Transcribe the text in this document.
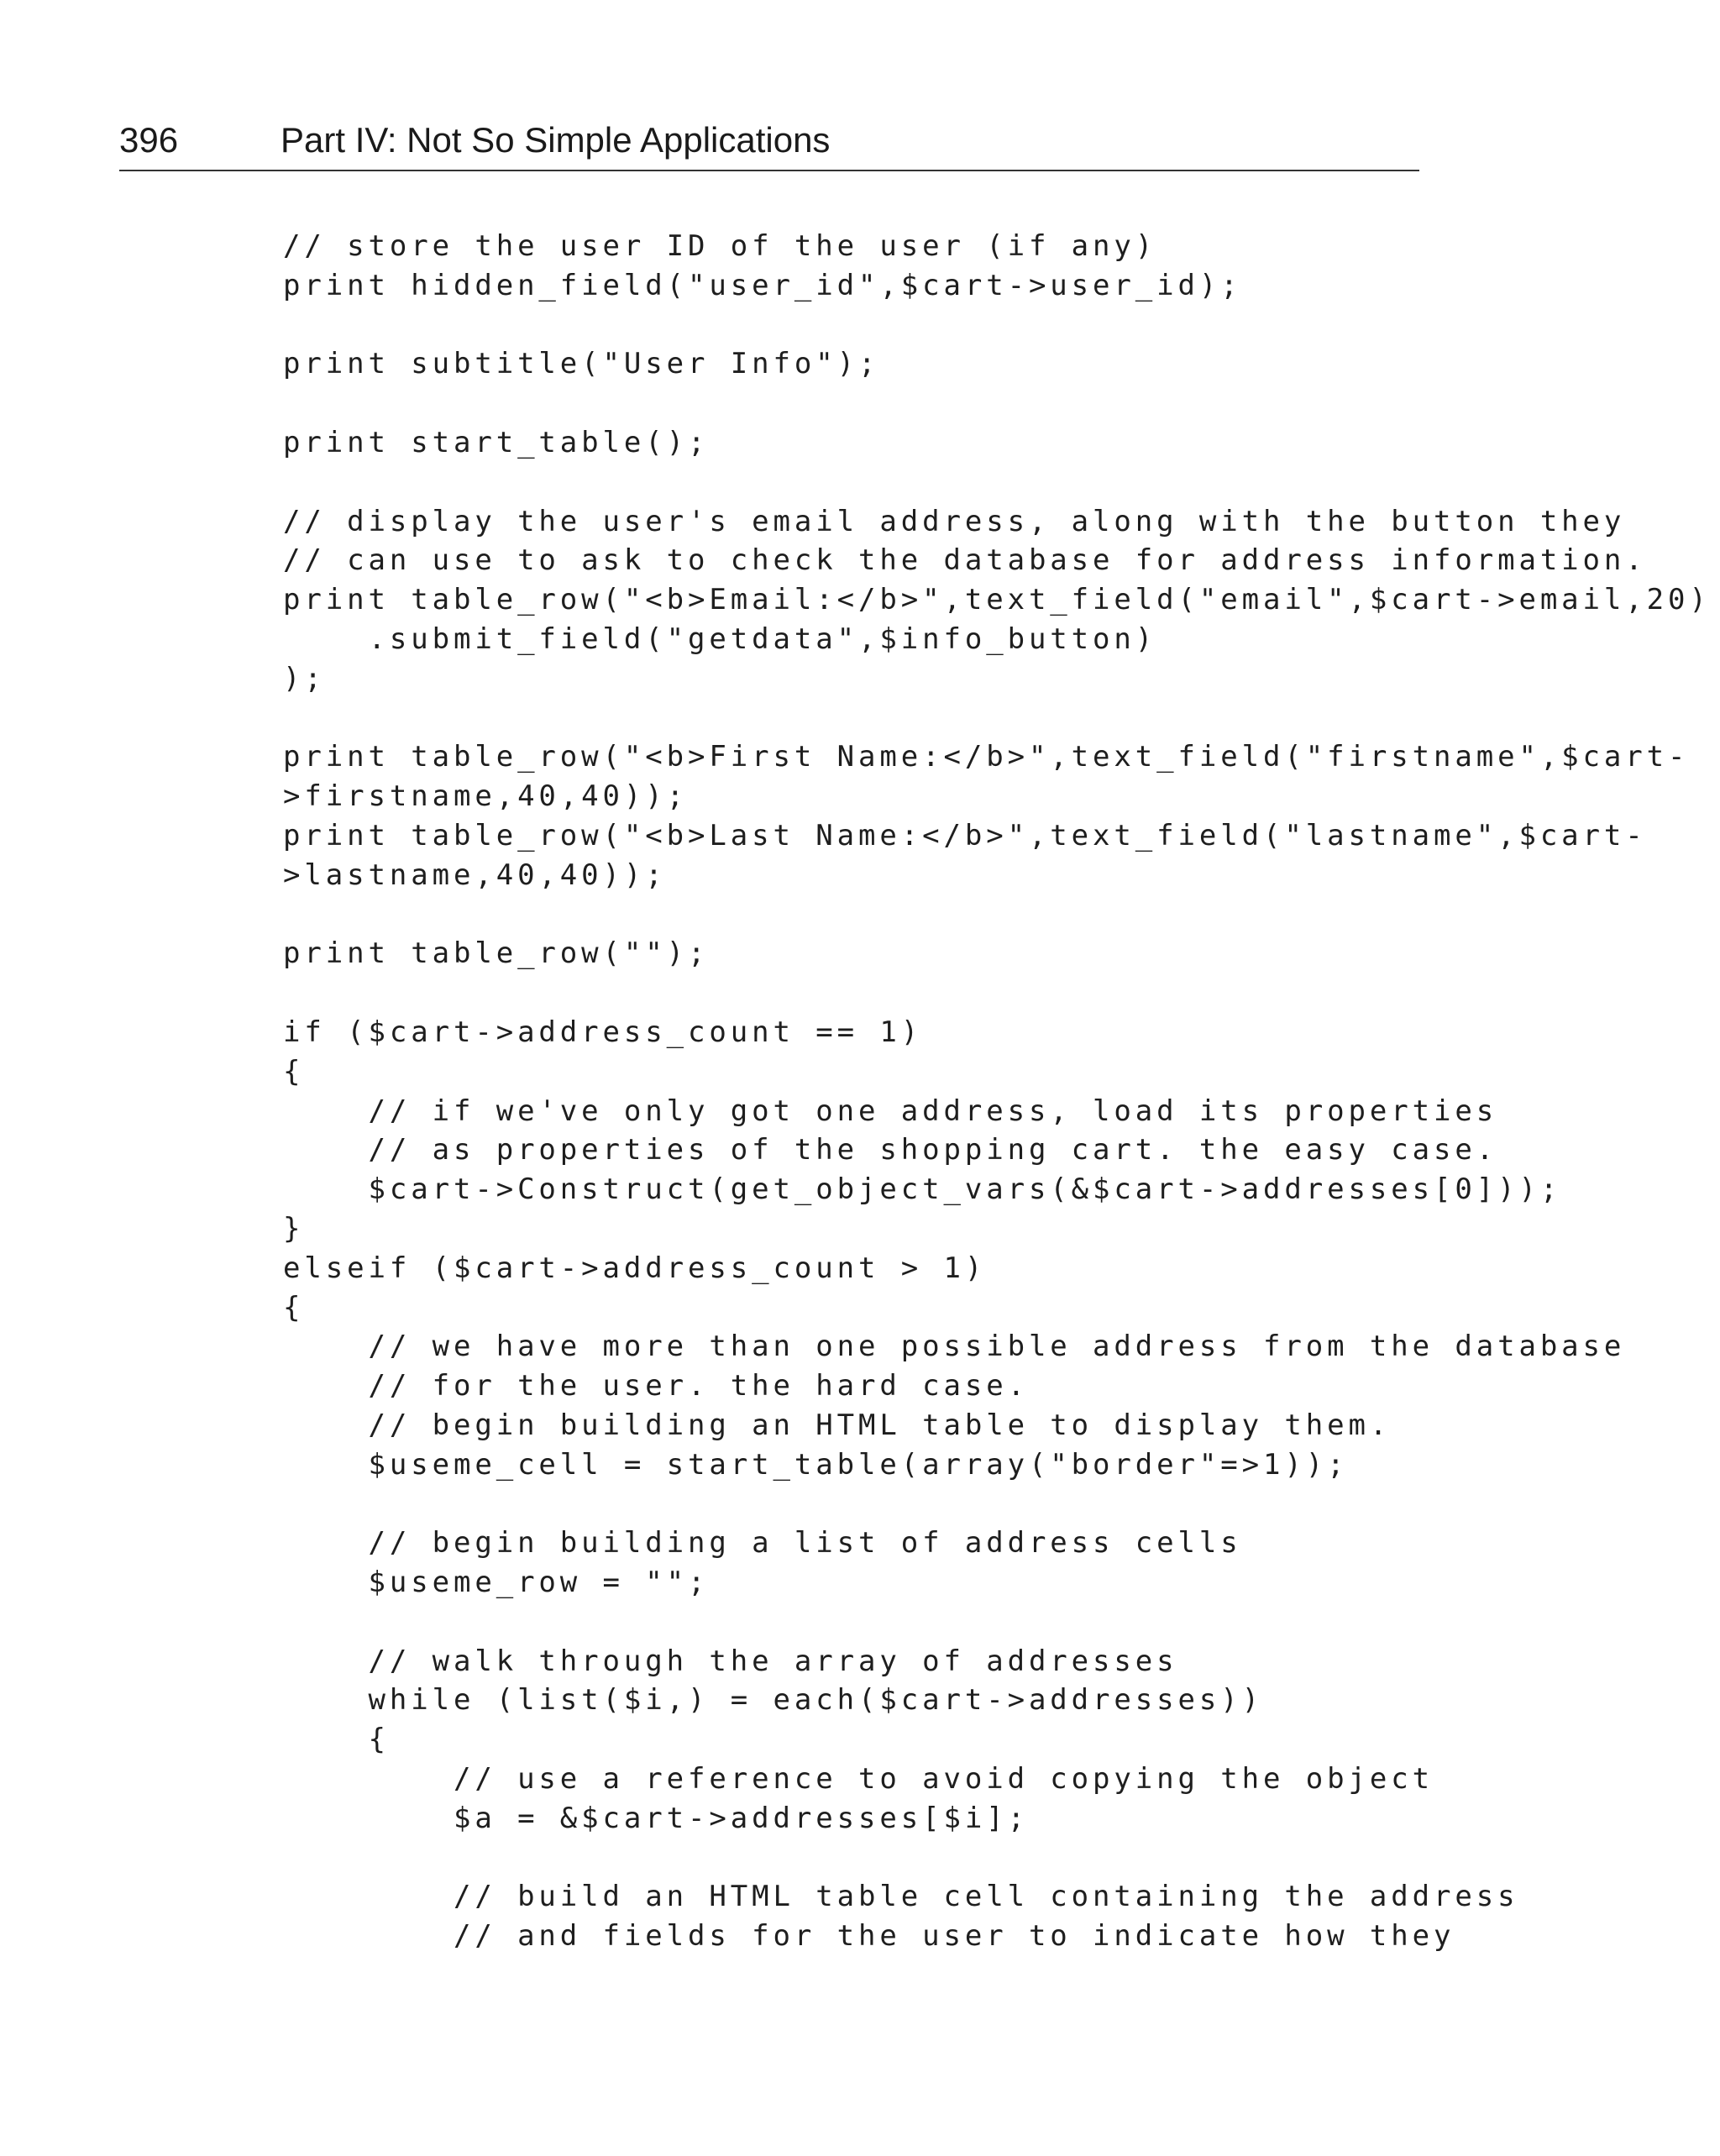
396	Part IV: Not So Simple Applications
// store the user ID of the user (if any)
print hidden_field("user_id",$cart->user_id);
print subtitle("User Info");
print start_table();
// display the user's email address, along with the button they
// can use to ask to check the database for address information.
print table_row("<b>Email:</b>",text_field("email",$cart->email,20)
.submit_field("getdata",$info_button)
);
print table_row("<b>First Name:</b>",text_field("firstname",$cart-
>firstname,40,40));
print table_row("<b>Last Name:</b>",text_field("lastname",$cart-
>lastname,40,40));
print table_row("");
if ($cart->address_count == 1)
{
// if we've only got one address, load its properties
// as properties of the shopping cart. the easy case.
$cart->Construct(get_object_vars(&$cart->addresses[0]));
}
elseif ($cart->address_count > 1)
{
// we have more than one possible address from the database
// for the user. the hard case.
// begin building an HTML table to display them.
$useme_cell = start_table(array("border"=>1));
// begin building a list of address cells
$useme_row = "";
// walk through the array of addresses
while (list($i,) = each($cart->addresses))
{
// use a reference to avoid copying the object
$a = &$cart->addresses[$i];
// build an HTML table cell containing the address
// and fields for the user to indicate how they
